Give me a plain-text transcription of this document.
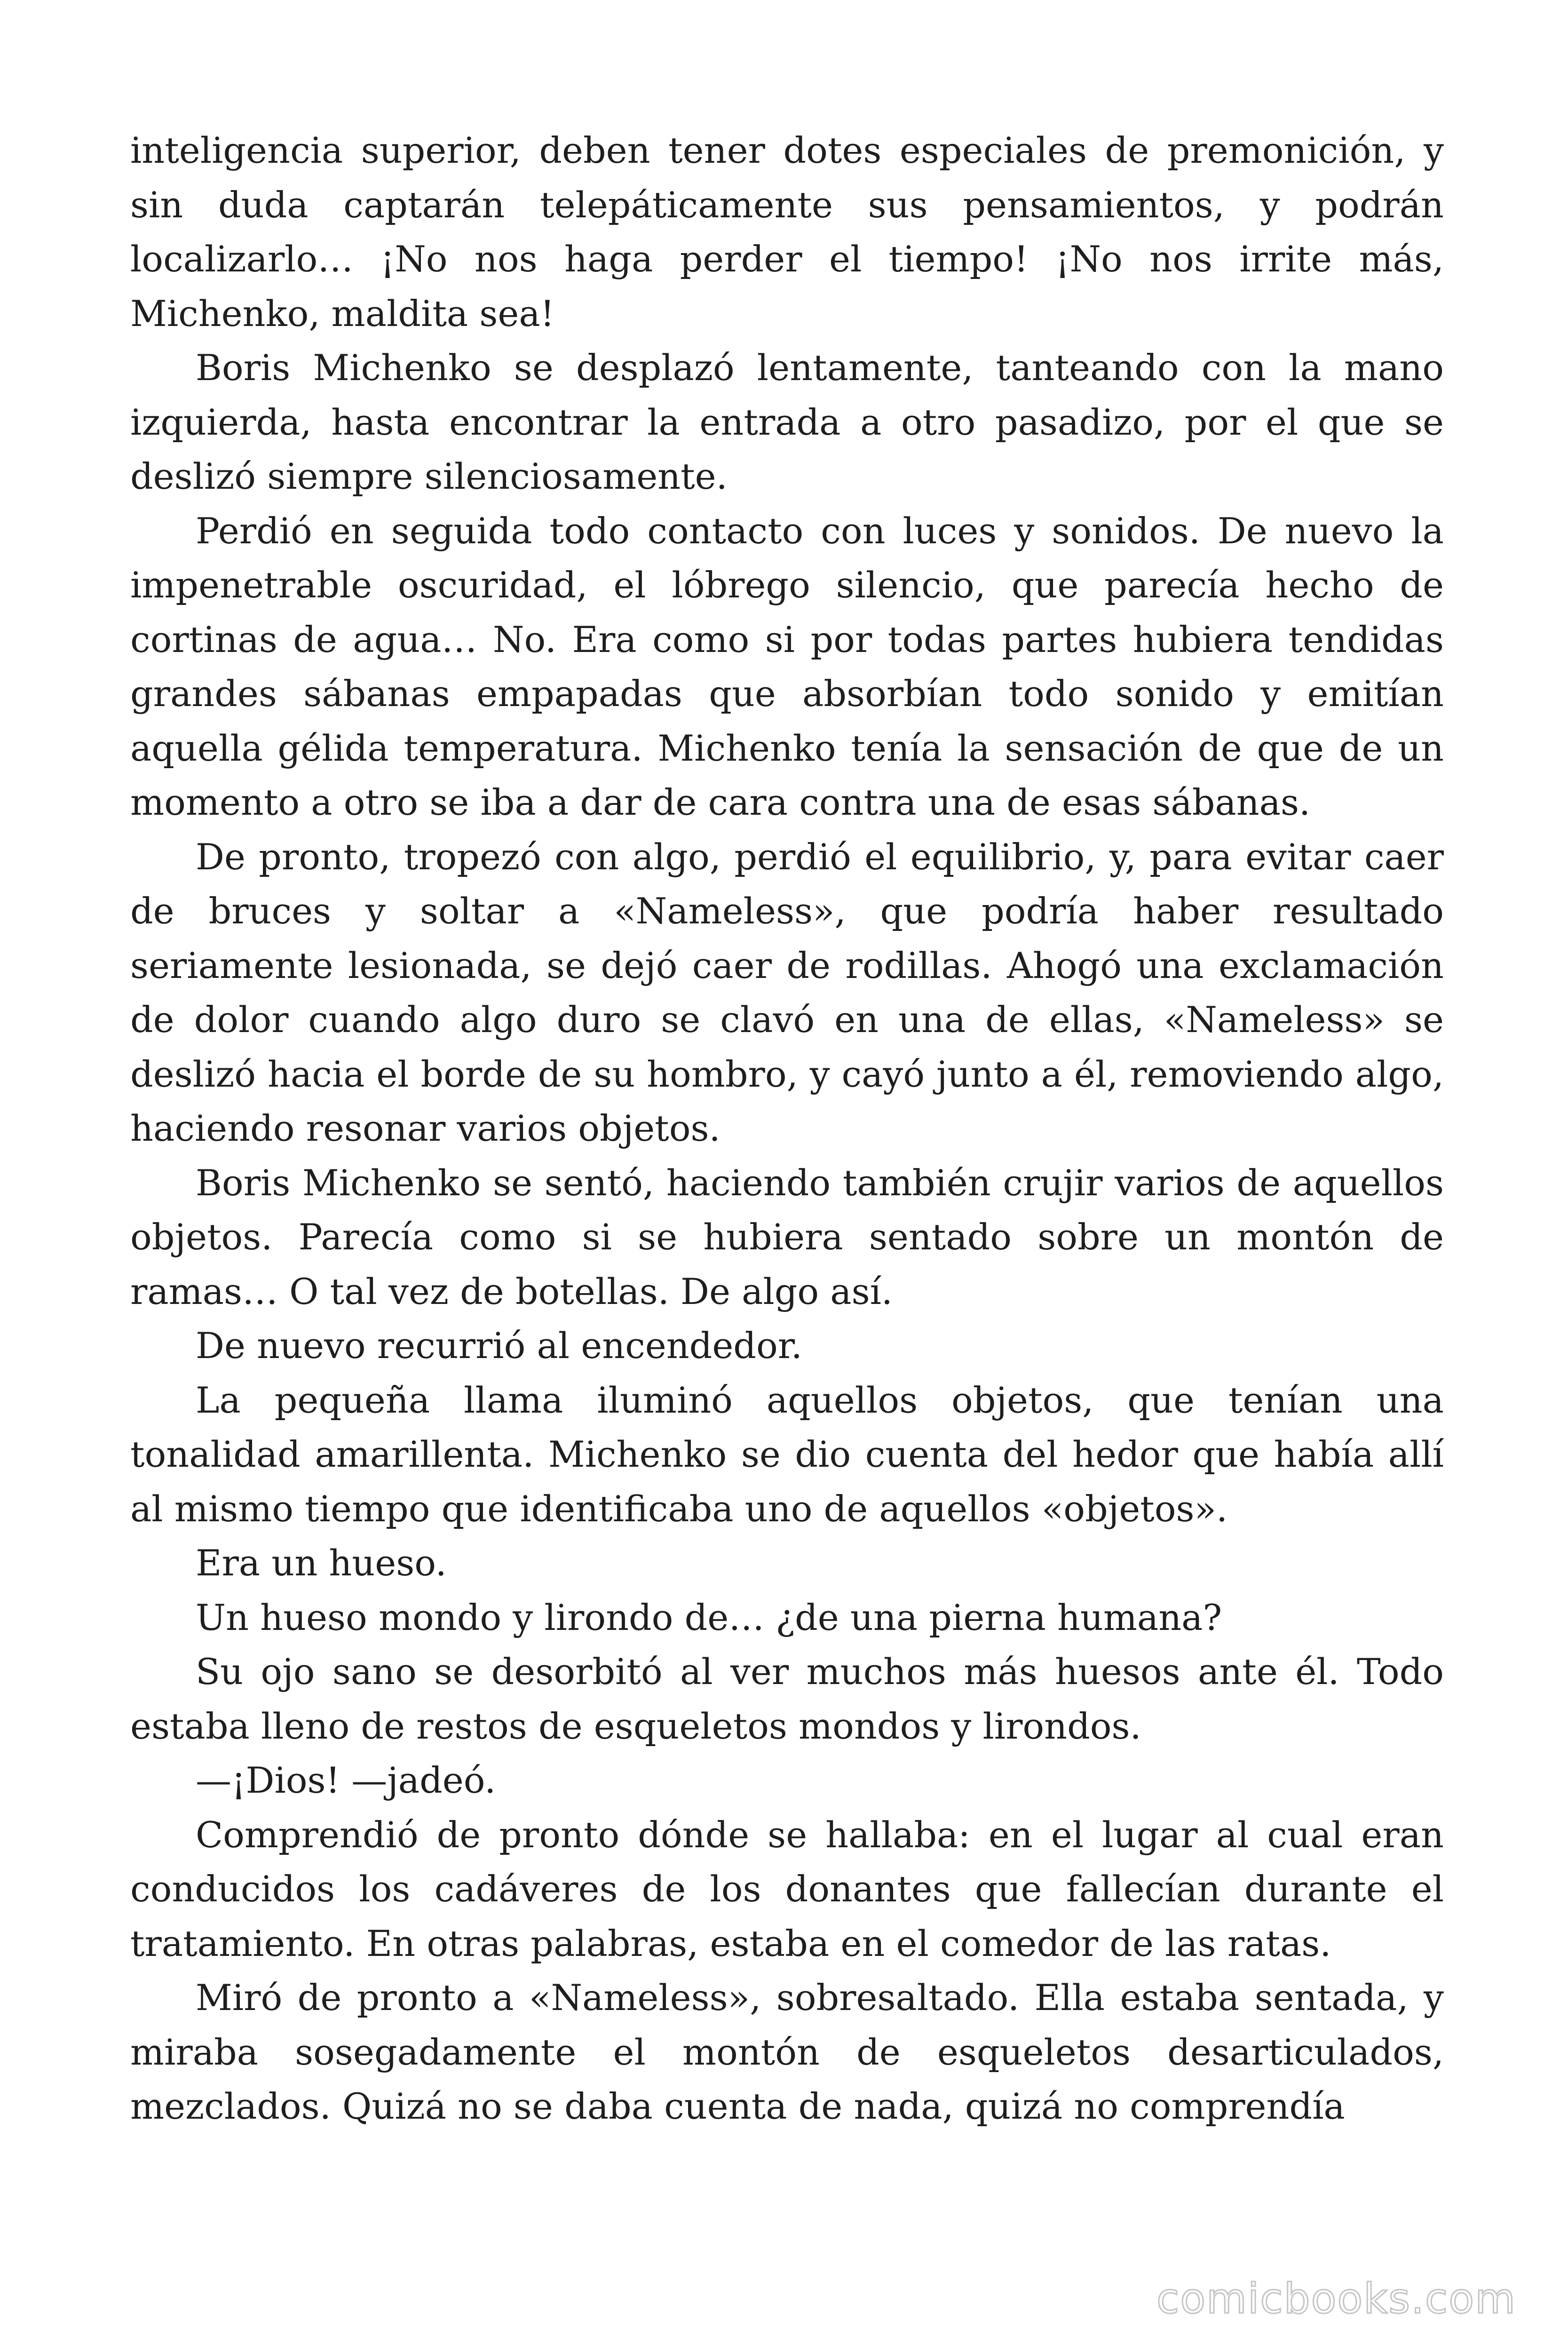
inteligencia superior, deben tener dotes especiales de premonición, y sin duda captarán telepáticamente sus pensamientos, y podrán localizarlo… ¡No nos haga perder el tiempo! ¡No nos irrite más, Michenko, maldita sea!

Boris Michenko se desplazó lentamente, tanteando con la mano izquierda, hasta encontrar la entrada a otro pasadizo, por el que se deslizó siempre silenciosamente.

Perdió en seguida todo contacto con luces y sonidos. De nuevo la impenetrable oscuridad, el lóbrego silencio, que parecía hecho de cortinas de agua… No. Era como si por todas partes hubiera tendidas grandes sábanas empapadas que absorbían todo sonido y emitían aquella gélida temperatura. Michenko tenía la sensación de que de un momento a otro se iba a dar de cara contra una de esas sábanas.

De pronto, tropezó con algo, perdió el equilibrio, y, para evitar caer de bruces y soltar a «Nameless», que podría haber resultado seriamente lesionada, se dejó caer de rodillas. Ahogó una exclamación de dolor cuando algo duro se clavó en una de ellas, «Nameless» se deslizó hacia el borde de su hombro, y cayó junto a él, removiendo algo, haciendo resonar varios objetos.

Boris Michenko se sentó, haciendo también crujir varios de aquellos objetos. Parecía como si se hubiera sentado sobre un montón de ramas… O tal vez de botellas. De algo así.

De nuevo recurrió al encendedor.

La pequeña llama iluminó aquellos objetos, que tenían una tonalidad amarillenta. Michenko se dio cuenta del hedor que había allí al mismo tiempo que identificaba uno de aquellos «objetos».

Era un hueso.

Un hueso mondo y lirondo de… ¿de una pierna humana?

Su ojo sano se desorbitó al ver muchos más huesos ante él. Todo estaba lleno de restos de esqueletos mondos y lirondos.

—¡Dios! —jadeó.

Comprendió de pronto dónde se hallaba: en el lugar al cual eran conducidos los cadáveres de los donantes que fallecían durante el tratamiento. En otras palabras, estaba en el comedor de las ratas.

Miró de pronto a «Nameless», sobresaltado. Ella estaba sentada, y miraba sosegadamente el montón de esqueletos desarticulados, mezclados. Quizá no se daba cuenta de nada, quizá no comprendía

comicbooks.com
